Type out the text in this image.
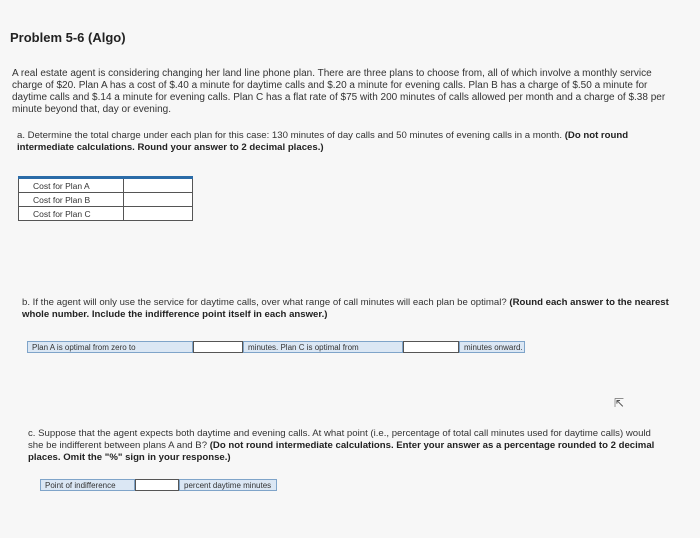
Problem 5-6 (Algo)
A real estate agent is considering changing her land line phone plan. There are three plans to choose from, all of which involve a monthly service charge of $20. Plan A has a cost of $.40 a minute for daytime calls and $.20 a minute for evening calls. Plan B has a charge of $.50 a minute for daytime calls and $.14 a minute for evening calls. Plan C has a flat rate of $75 with 200 minutes of calls allowed per month and a charge of $.38 per minute beyond that, day or evening.
a. Determine the total charge under each plan for this case: 130 minutes of day calls and 50 minutes of evening calls in a month. (Do not round intermediate calculations. Round your answer to 2 decimal places.)
Cost for Plan A	
Cost for Plan B	
Cost for Plan C	
b. If the agent will only use the service for daytime calls, over what range of call minutes will each plan be optimal? (Round each answer to the nearest whole number. Include the indifference point itself in each answer.)
Plan A is optimal from zero to	minutes. Plan C is optimal from	minutes onward.
⇱
c. Suppose that the agent expects both daytime and evening calls. At what point (i.e., percentage of total call minutes used for daytime calls) would she be indifferent between plans A and B? (Do not round intermediate calculations. Enter your answer as a percentage rounded to 2 decimal places. Omit the "%" sign in your response.)
Point of indifference	percent daytime minutes
